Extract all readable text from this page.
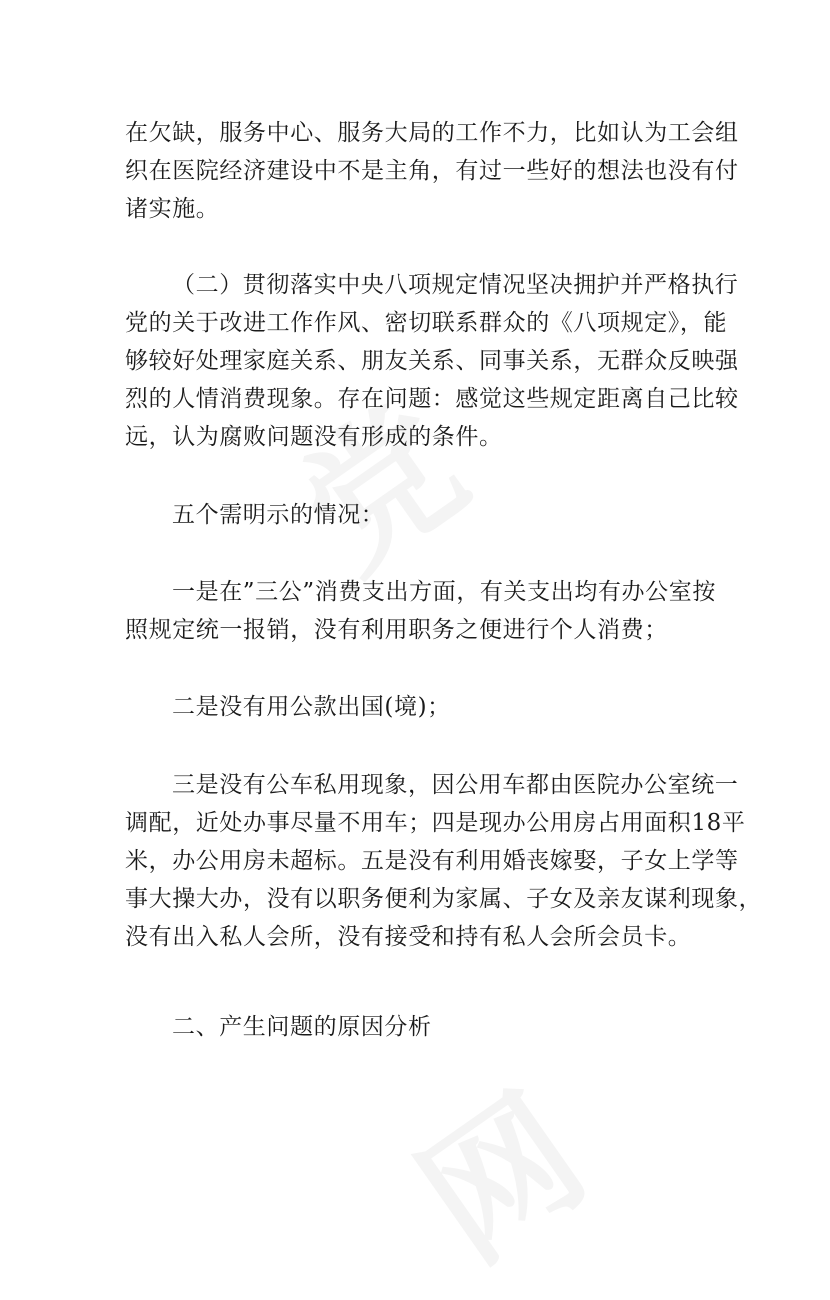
在欠缺，服务中心、服务大局的工作不力，比如认为工会组
织在医院经济建设中不是主角，有过一些好的想法也没有付
诸实施。
（二）贯彻落实中央八项规定情况坚决拥护并严格执行
党的关于改进工作作风、密切联系群众的《八项规定》，能
够较好处理家庭关系、朋友关系、同事关系，无群众反映强
烈的人情消费现象。存在问题：感觉这些规定距离自己比较
远，认为腐败问题没有形成的条件。
五个需明示的情况：
一是在”三公”消费支出方面，有关支出均有办公室按
照规定统一报销，没有利用职务之便进行个人消费；
二是没有用公款出国(境)；
三是没有公车私用现象，因公用车都由医院办公室统一
调配，近处办事尽量不用车；四是现办公用房占用面积18平
米，办公用房未超标。五是没有利用婚丧嫁娶，子女上学等
事大操大办，没有以职务便利为家属、子女及亲友谋利现象，
没有出入私人会所，没有接受和持有私人会所会员卡。
二、产生问题的原因分析
